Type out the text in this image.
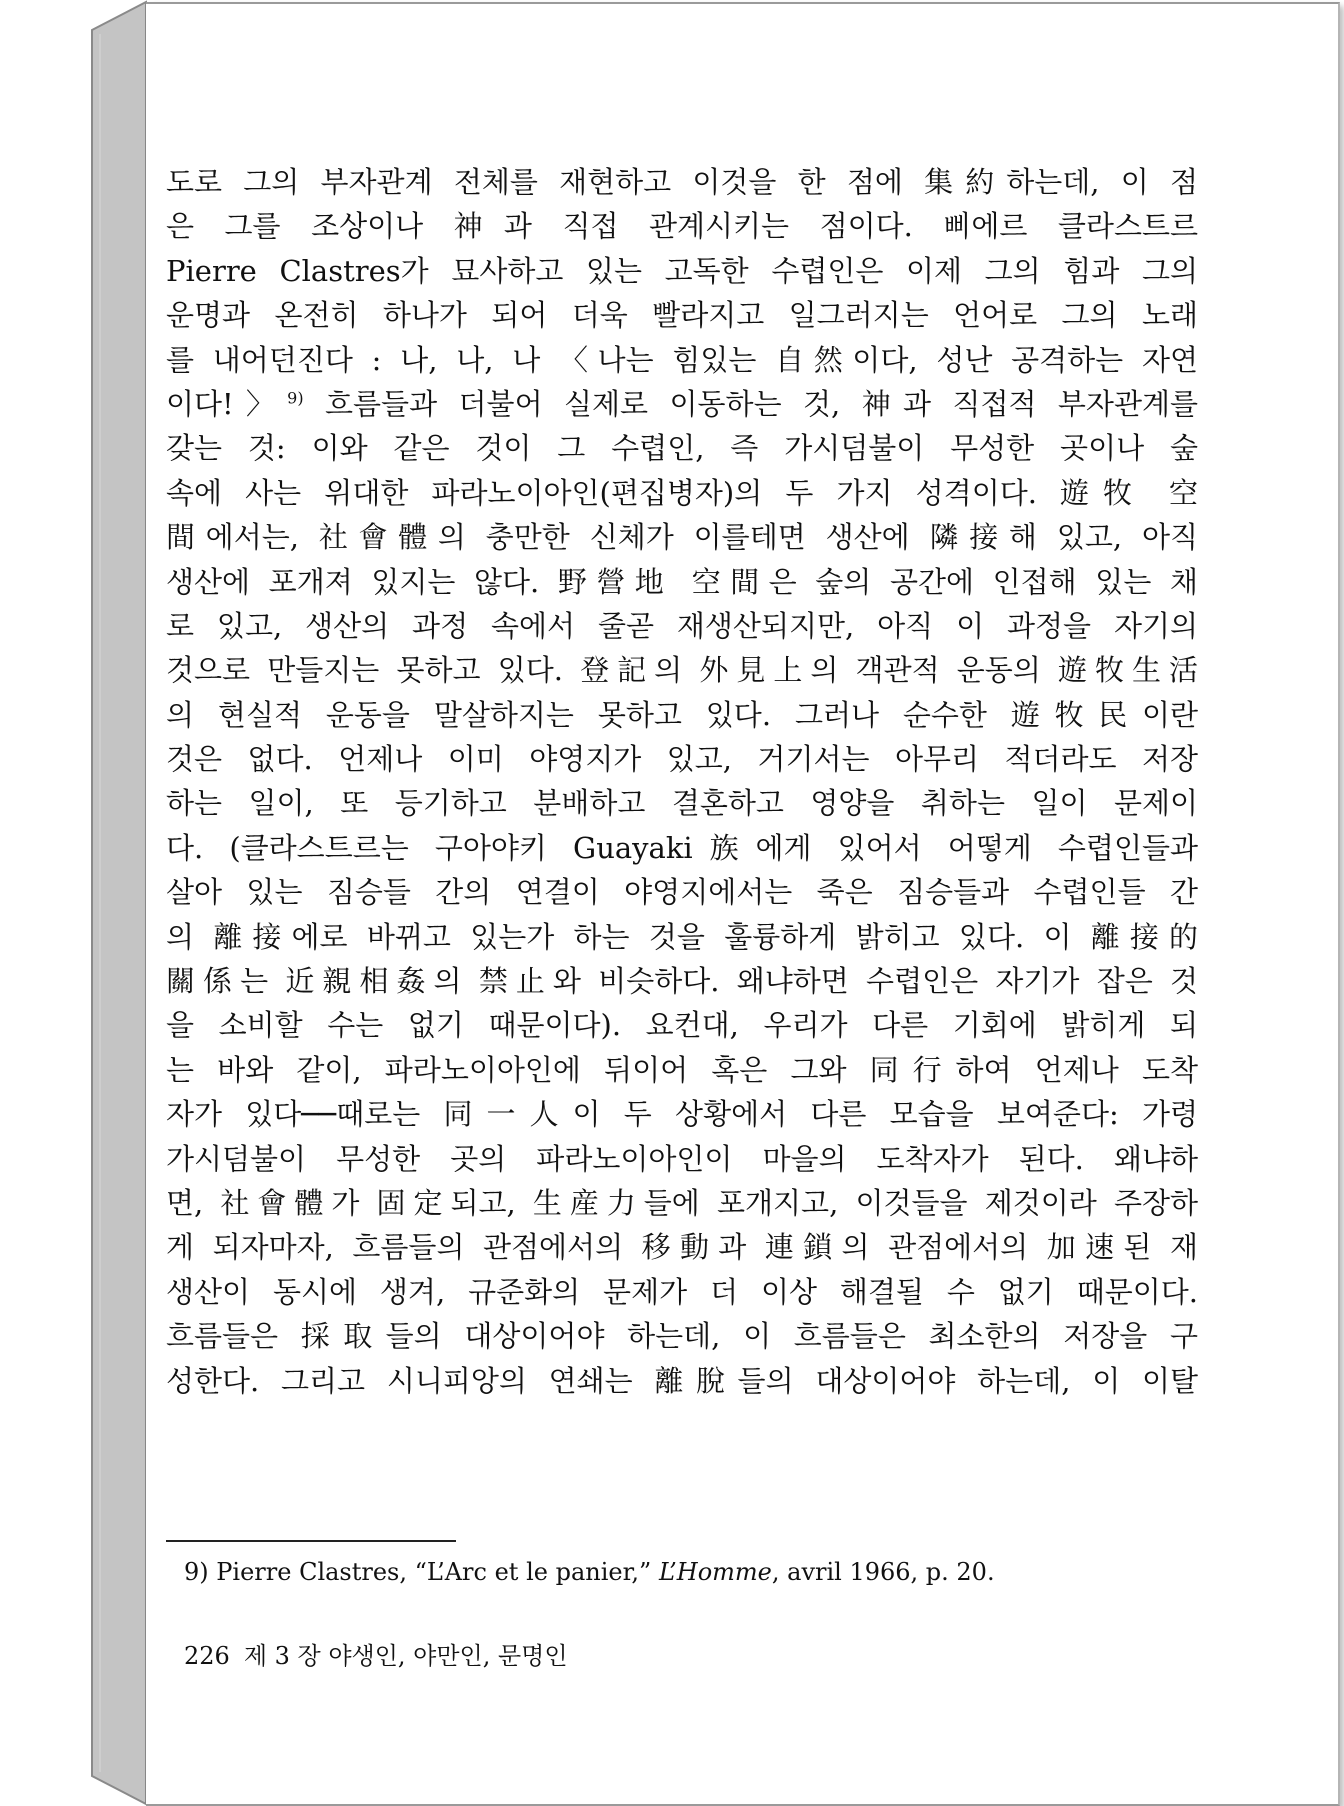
도로 그의 부자관계 전체를 재현하고 이것을 한 점에 集約하는데, 이 점
은 그를 조상이나 神과 직접 관계시키는 점이다. 삐에르 클라스트르
Pierre Clastres가 묘사하고 있는 고독한 수렵인은 이제 그의 힘과 그의
운명과 온전히 하나가 되어 더욱 빨라지고 일그러지는 언어로 그의 노래
를 내어던진다 : 나, 나, 나 〈나는 힘있는 自然이다, 성난 공격하는 자연
이다!〉$^{9)}$ 흐름들과 더불어 실제로 이동하는 것, 神과 직접적 부자관계를
갖는 것: 이와 같은 것이 그 수렵인, 즉 가시덤불이 무성한 곳이나 숲
속에 사는 위대한 파라노이아인(편집병자)의 두 가지 성격이다. 遊牧 空
間에서는, 社會體의 충만한 신체가 이를테면 생산에 隣接해 있고, 아직
생산에 포개져 있지는 않다. 野營地 空間은 숲의 공간에 인접해 있는 채
로 있고, 생산의 과정 속에서 줄곧 재생산되지만, 아직 이 과정을 자기의
것으로 만들지는 못하고 있다. 登記의 外見上의 객관적 운동의 遊牧生活
의 현실적 운동을 말살하지는 못하고 있다. 그러나 순수한 遊牧民이란
것은 없다. 언제나 이미 야영지가 있고, 거기서는 아무리 적더라도 저장
하는 일이, 또 등기하고 분배하고 결혼하고 영양을 취하는 일이 문제이
다. (클라스트르는 구아야키 Guayaki族에게 있어서 어떻게 수렵인들과
살아 있는 짐승들 간의 연결이 야영지에서는 죽은 짐승들과 수렵인들 간
의 離接에로 바뀌고 있는가 하는 것을 훌륭하게 밝히고 있다. 이 離接的
關係는 近親相姦의 禁止와 비슷하다. 왜냐하면 수렵인은 자기가 잡은 것
을 소비할 수는 없기 때문이다). 요컨대, 우리가 다른 기회에 밝히게 되
는 바와 같이, 파라노이아인에 뒤이어 혹은 그와 同行하여 언제나 도착
자가 있다──때로는 同一人이 두 상황에서 다른 모습을 보여준다: 가령
가시덤불이 무성한 곳의 파라노이아인이 마을의 도착자가 된다. 왜냐하
면, 社會體가 固定되고, 生産力들에 포개지고, 이것들을 제것이라 주장하
게 되자마자, 흐름들의 관점에서의 移動과 連鎖의 관점에서의 加速된 재
생산이 동시에 생겨, 규준화의 문제가 더 이상 해결될 수 없기 때문이다.
흐름들은 採取들의 대상이어야 하는데, 이 흐름들은 최소한의 저장을 구
성한다. 그리고 시니피앙의 연쇄는 離脫들의 대상이어야 하는데, 이 이탈
9) Pierre Clastres, “L’Arc et le panier,” L’Homme, avril 1966, p. 20.
226 제 3 장 야생인, 야만인, 문명인
